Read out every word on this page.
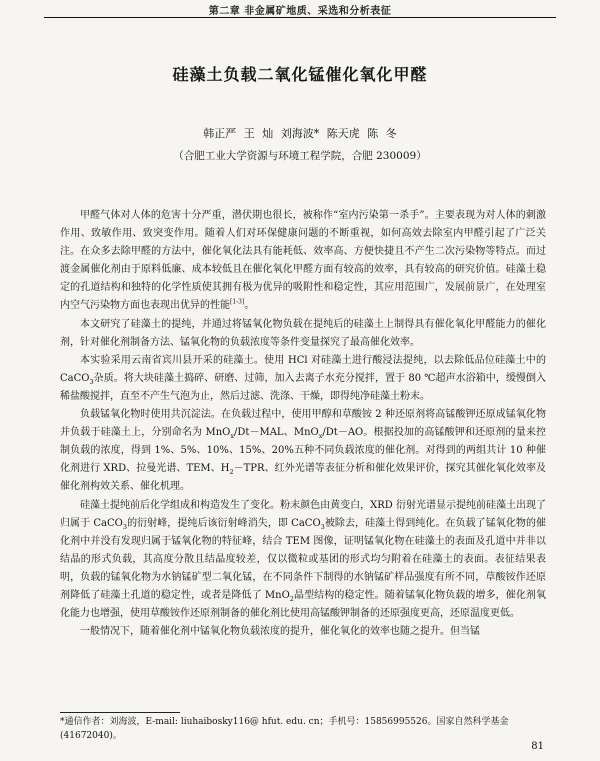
第二章 非金属矿地质、采选和分析表征
硅藻土负载二氧化锰催化氧化甲醛
韩正严 王 灿 刘海波* 陈天虎 陈 冬
（合肥工业大学资源与环境工程学院，合肥 230009）

甲醛气体对人体的危害十分严重，潜伏期也很长，被称作“室内污染第一杀手”。主要表现为对人体的刺激作用、致敏作用、致突变作用。随着人们对环保健康问题的不断重视，如何高效去除室内甲醛引起了广泛关注。在众多去除甲醛的方法中，催化氧化法具有能耗低、效率高、方便快捷且不产生二次污染物等特点。而过渡金属催化剂由于原料低廉、成本较低且在催化氧化甲醛方面有较高的效率，具有较高的研究价值。硅藻土稳定的孔道结构和独特的化学性质使其拥有极为优异的吸附性和稳定性，其应用范围广，发展前景广，在处理室内空气污染物方面也表现出优异的性能[1-3]。

本文研究了硅藻土的提纯，并通过将锰氧化物负载在提纯后的硅藻土上制得具有催化氧化甲醛能力的催化剂，针对催化剂制备方法、锰氧化物的负载浓度等条件变量探究了最高催化效率。

本实验采用云南省宾川县开采的硅藻土。使用 HCl 对硅藻土进行酸浸法提纯，以去除低品位硅藻土中的 CaCO$_3$杂质。将大块硅藻土捣碎、研磨、过筛，加入去离子水充分搅拌，置于 80 ℃超声水浴箱中，缓慢倒入稀盐酸搅拌，直至不产生气泡为止，然后过滤、洗涤、干燥，即得纯净硅藻土粉末。

负载锰氧化物时使用共沉淀法。在负载过程中，使用甲醇和草酸铵 2 种还原剂将高锰酸钾还原成锰氧化物并负载于硅藻土上，分别命名为 MnO$_x$/Dt－MAL、MnO$_x$/Dt－AO。根据投加的高锰酸钾和还原剂的量来控制负载的浓度，得到 1%、5%、10%、15%、20%五种不同负载浓度的催化剂。对得到的两组共计 10 种催化剂进行 XRD、拉曼光谱、TEM、$H_2-TPR$、红外光谱等表征分析和催化效果评价，探究其催化氧化效率及催化剂构效关系、催化机理。

硅藻土提纯前后化学组成和构造发生了变化。粉末颜色由黄变白，XRD 衍射光谱显示提纯前硅藻土出现了归属于 CaCO$_3$的衍射峰，提纯后该衍射峰消失，即 CaCO$_3$被除去，硅藻土得到纯化。在负载了锰氧化物的催化剂中并没有发现归属于锰氧化物的特征峰，结合 TEM 图像，证明锰氧化物在硅藻土的表面及孔道中并非以结晶的形式负载，其高度分散且结晶度较差，仅以微粒或基团的形式均匀附着在硅藻土的表面。表征结果表明，负载的锰氧化物为水钠锰矿型二氧化锰，在不同条件下制得的水钠锰矿样品强度有所不同，草酸铵作还原剂降低了硅藻土孔道的稳定性，或者是降低了 MnO$_2$晶型结构的稳定性。随着锰氧化物负载的增多，催化剂氧化能力也增强，使用草酸铵作还原剂制备的催化剂比使用高锰酸钾制备的还原强度更高，还原温度更低。

一般情况下，随着催化剂中锰氧化物负载浓度的提升，催化氧化的效率也随之提升。但当锰

*通信作者：刘海波，E-mail: liuhaibosky116@ hfut. edu. cn；手机号：15856995526。国家自然科学基金(41672040)。
81
